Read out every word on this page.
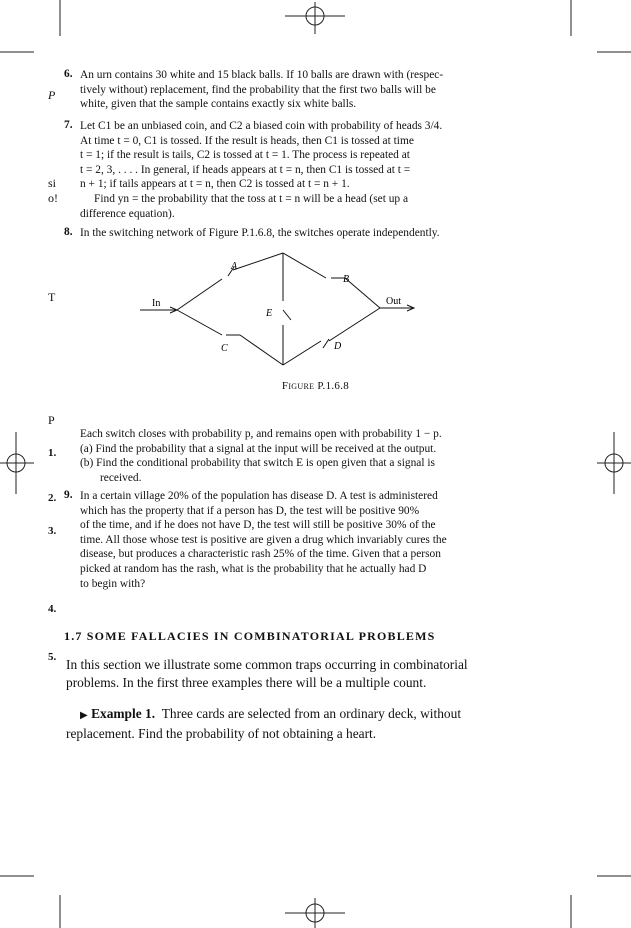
P
si
o!
T
P
1.
2.
3.
4.
5.
6. An urn contains 30 white and 15 black balls. If 10 balls are drawn with (respec-
tively without) replacement, find the probability that the first two balls will be
white, given that the sample contains exactly six white balls.
7. Let C1 be an unbiased coin, and C2 a biased coin with probability of heads 3/4.
At time t = 0, C1 is tossed. If the result is heads, then C1 is tossed at time
t = 1; if the result is tails, C2 is tossed at t = 1. The process is repeated at
t = 2, 3, . . . . In general, if heads appears at t = n, then C1 is tossed at t =
n + 1; if tails appears at t = n, then C2 is tossed at t = n + 1.
Find yn = the probability that the toss at t = n will be a head (set up a
difference equation).
8. In the switching network of Figure P.1.6.8, the switches operate independently.
In	Out
A
B
C	D
E
Figure P.1.6.8
Each switch closes with probability p, and remains open with probability 1 − p.
(a) Find the probability that a signal at the input will be received at the output.
(b) Find the conditional probability that switch E is open given that a signal is
received.
9. In a certain village 20% of the population has disease D. A test is administered
which has the property that if a person has D, the test will be positive 90%
of the time, and if he does not have D, the test will still be positive 30% of the
time. All those whose test is positive are given a drug which invariably cures the
disease, but produces a characteristic rash 25% of the time. Given that a person
picked at random has the rash, what is the probability that he actually had D
to begin with?
1.7 SOME FALLACIES IN COMBINATORIAL PROBLEMS
In this section we illustrate some common traps occurring in combinatorial
problems. In the first three examples there will be a multiple count.
▶ Example 1. Three cards are selected from an ordinary deck, without
replacement. Find the probability of not obtaining a heart.
